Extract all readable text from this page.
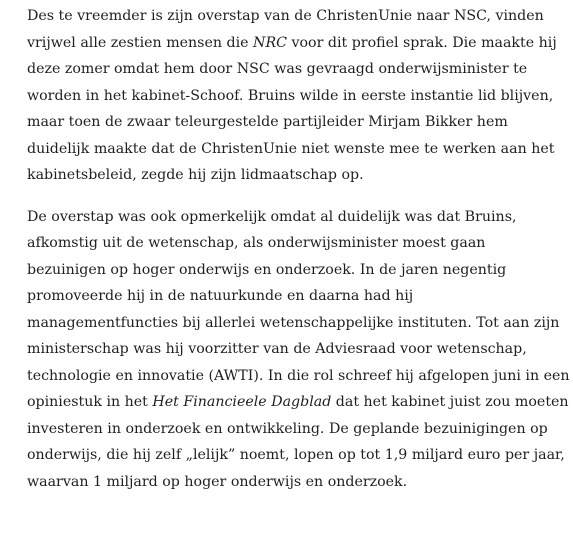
Des te vreemder is zijn overstap van de ChristenUnie naar NSC, vinden
vrijwel alle zestien mensen die NRC voor dit profiel sprak. Die maakte hij
deze zomer omdat hem door NSC was gevraagd onderwijsminister te
worden in het kabinet-Schoof. Bruins wilde in eerste instantie lid blijven,
maar toen de zwaar teleurgestelde partijleider Mirjam Bikker hem
duidelijk maakte dat de ChristenUnie niet wenste mee te werken aan het
kabinetsbeleid, zegde hij zijn lidmaatschap op.

De overstap was ook opmerkelijk omdat al duidelijk was dat Bruins,
afkomstig uit de wetenschap, als onderwijsminister moest gaan
bezuinigen op hoger onderwijs en onderzoek. In de jaren negentig
promoveerde hij in de natuurkunde en daarna had hij
managementfuncties bij allerlei wetenschappelijke instituten. Tot aan zijn
ministerschap was hij voorzitter van de Adviesraad voor wetenschap,
technologie en innovatie (AWTI). In die rol schreef hij afgelopen juni in een
opiniestuk in het Het Financieele Dagblad dat het kabinet juist zou moeten
investeren in onderzoek en ontwikkeling. De geplande bezuinigingen op
onderwijs, die hij zelf „lelijk” noemt, lopen op tot 1,9 miljard euro per jaar,
waarvan 1 miljard op hoger onderwijs en onderzoek.
